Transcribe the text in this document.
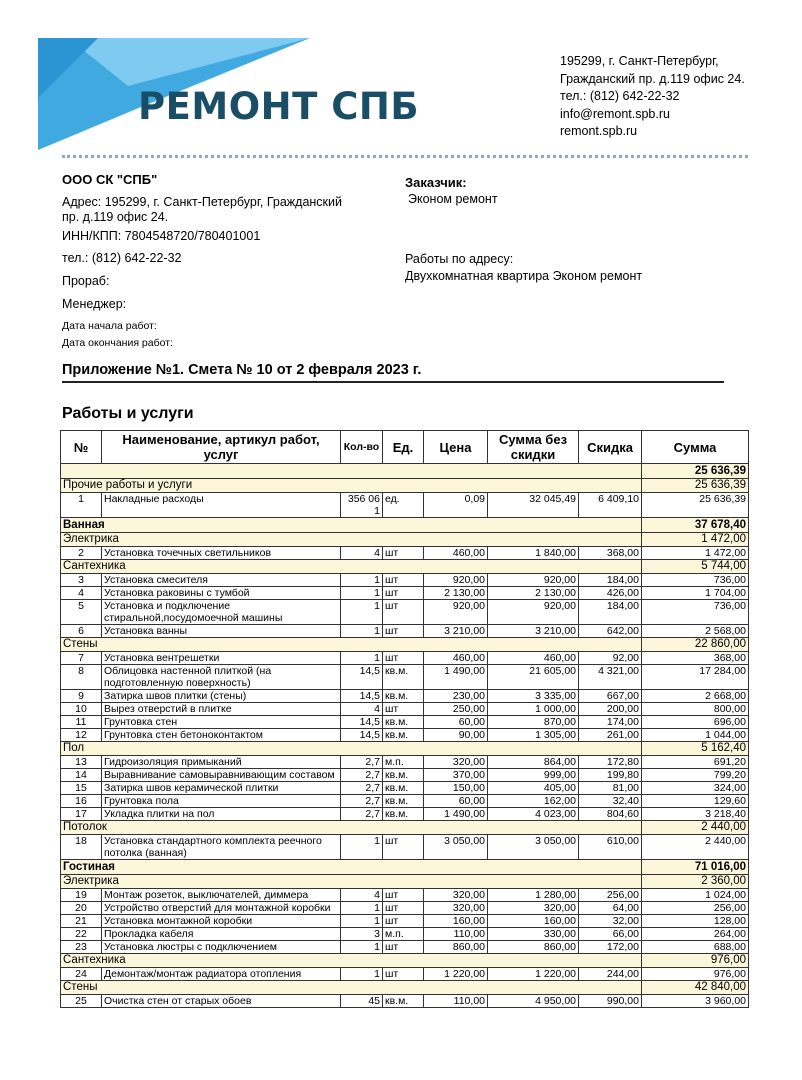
РЕМОНТ СПБ
195299, г. Санкт-Петербург,
Гражданский пр. д.119 офис 24.
тел.: (812) 642-22-32
info@remont.spb.ru
remont.spb.ru
ООО СК "СПБ"
Адрес: 195299, г. Санкт-Петербург, Гражданский пр. д.119 офис 24.
ИНН/КПП: 7804548720/780401001
тел.: (812) 642-22-32
Прораб:
Менеджер:
Дата начала работ:
Дата окончания работ:
Заказчик:
Эконом ремонт
Работы по адресу:
Двухкомнатная квартира Эконом ремонт
Приложение №1. Смета № 10 от 2 февраля 2023 г.
Работы и услуги
№	Наименование, артикул работ, услуг	Кол-во	Ед.	Цена	Сумма без скидки	Скидка	Сумма
							25 636,39
Прочие работы и услуги							25 636,39
1	Накладные расходы	356 06 1	ед.	0,09	32 045,49	6 409,10	25 636,39
Ванная							37 678,40
Электрика							1 472,00
2	Установка точечных светильников	4	шт	460,00	1 840,00	368,00	1 472,00
Сантехника							5 744,00
3	Установка смесителя	1	шт	920,00	920,00	184,00	736,00
4	Установка раковины с тумбой	1	шт	2 130,00	2 130,00	426,00	1 704,00
5	Установка и подключение стиральной,посудомоечной машины	1	шт	920,00	920,00	184,00	736,00
6	Установка ванны	1	шт	3 210,00	3 210,00	642,00	2 568,00
Стены							22 860,00
7	Установка вентрешетки	1	шт	460,00	460,00	92,00	368,00
8	Облицовка настенной плиткой (на подготовленную поверхность)	14,5	кв.м.	1 490,00	21 605,00	4 321,00	17 284,00
9	Затирка швов плитки (стены)	14,5	кв.м.	230,00	3 335,00	667,00	2 668,00
10	Вырез отверстий в плитке	4	шт	250,00	1 000,00	200,00	800,00
11	Грунтовка стен	14,5	кв.м.	60,00	870,00	174,00	696,00
12	Грунтовка стен бетоноконтактом	14,5	кв.м.	90,00	1 305,00	261,00	1 044,00
Пол							5 162,40
13	Гидроизоляция примыканий	2,7	м.п.	320,00	864,00	172,80	691,20
14	Выравнивание самовыравнивающим составом	2,7	кв.м.	370,00	999,00	199,80	799,20
15	Затирка швов керамической плитки	2,7	кв.м.	150,00	405,00	81,00	324,00
16	Грунтовка пола	2,7	кв.м.	60,00	162,00	32,40	129,60
17	Укладка плитки на пол	2,7	кв.м.	1 490,00	4 023,00	804,60	3 218,40
Потолок							2 440,00
18	Установка стандартного комплекта реечного потолка (ванная)	1	шт	3 050,00	3 050,00	610,00	2 440,00
Гостиная							71 016,00
Электрика							2 360,00
19	Монтаж розеток, выключателей, диммера	4	шт	320,00	1 280,00	256,00	1 024,00
20	Устройство отверстий для монтажной коробки	1	шт	320,00	320,00	64,00	256,00
21	Установка монтажной коробки	1	шт	160,00	160,00	32,00	128,00
22	Прокладка кабеля	3	м.п.	110,00	330,00	66,00	264,00
23	Установка люстры с подключением	1	шт	860,00	860,00	172,00	688,00
Сантехника							976,00
24	Демонтаж/монтаж радиатора отопления	1	шт	1 220,00	1 220,00	244,00	976,00
Стены							42 840,00
25	Очистка стен от старых обоев	45	кв.м.	110,00	4 950,00	990,00	3 960,00
